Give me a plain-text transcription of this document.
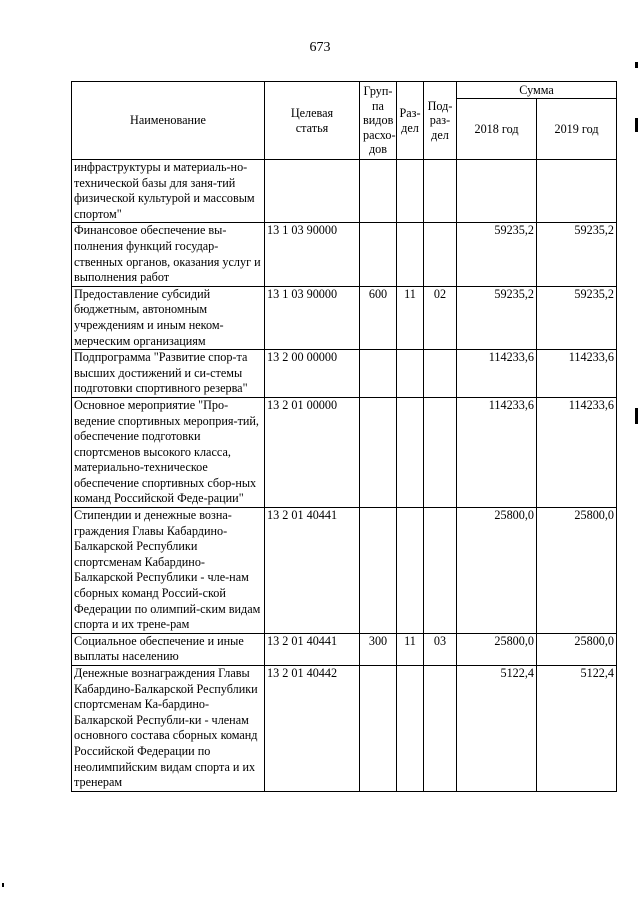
673
Наименование	Целевая статья	Груп- па видов расхо- дов	Раз- дел	Под- раз- дел	Сумма	
					2018 год	2019 год
инфраструктуры и материаль-но-технической базы для заня-тий физической культурой и массовым спортом"						
Финансовое обеспечение вы-полнения функций государ-ственных органов, оказания услуг и выполнения работ	13 1 03 90000				59235,2	59235,2
Предоставление субсидий бюджетным, автономным учреждениям и иным неком-мерческим организациям	13 1 03 90000	600	11	02	59235,2	59235,2
Подпрограмма "Развитие спор-та высших достижений и си-стемы подготовки спортивного резерва"	13 2 00 00000				114233,6	114233,6
Основное мероприятие "Про-ведение спортивных мероприя-тий, обеспечение подготовки спортсменов высокого класса, материально-техническое обеспечение спортивных сбор-ных команд Российской Феде-рации"	13 2 01 00000				114233,6	114233,6
Стипендии и денежные возна-граждения Главы Кабардино-Балкарской Республики спортсменам Кабардино-Балкарской Республики - чле-нам сборных команд Россий-ской Федерации по олимпий-ским видам спорта и их трене-рам	13 2 01 40441				25800,0	25800,0
Социальное обеспечение и иные выплаты населению	13 2 01 40441	300	11	03	25800,0	25800,0
Денежные вознаграждения Главы Кабардино-Балкарской Республики спортсменам Ка-бардино-Балкарской Республи-ки - членам основного состава сборных команд Российской Федерации по неолимпийским видам спорта и их тренерам	13 2 01 40442				5122,4	5122,4
